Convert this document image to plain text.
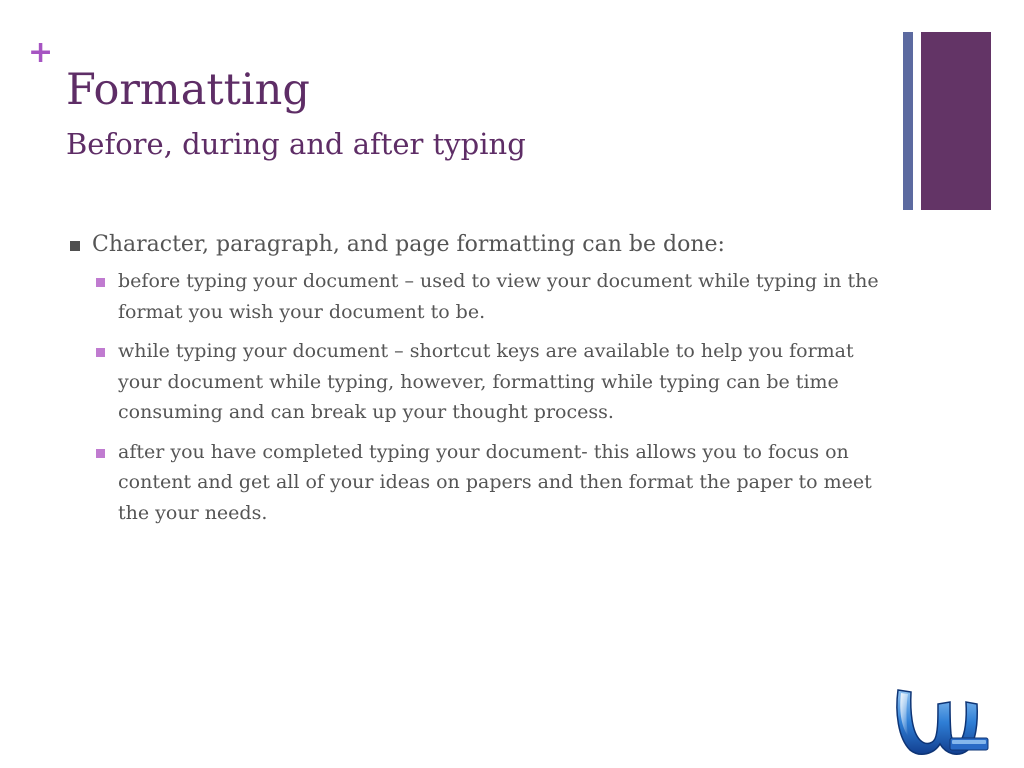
+
Formatting
Before, during and after typing
Character, paragraph, and page formatting can be done:
before typing your document – used to view your document while typing in the format you wish your document to be.
while typing your document – shortcut keys are available to help you format your document while typing, however, formatting while typing can be time consuming and can break up your thought process.
after you have completed typing your document- this allows you to focus on content and get all of your ideas on papers and then format the paper to meet the your needs.
